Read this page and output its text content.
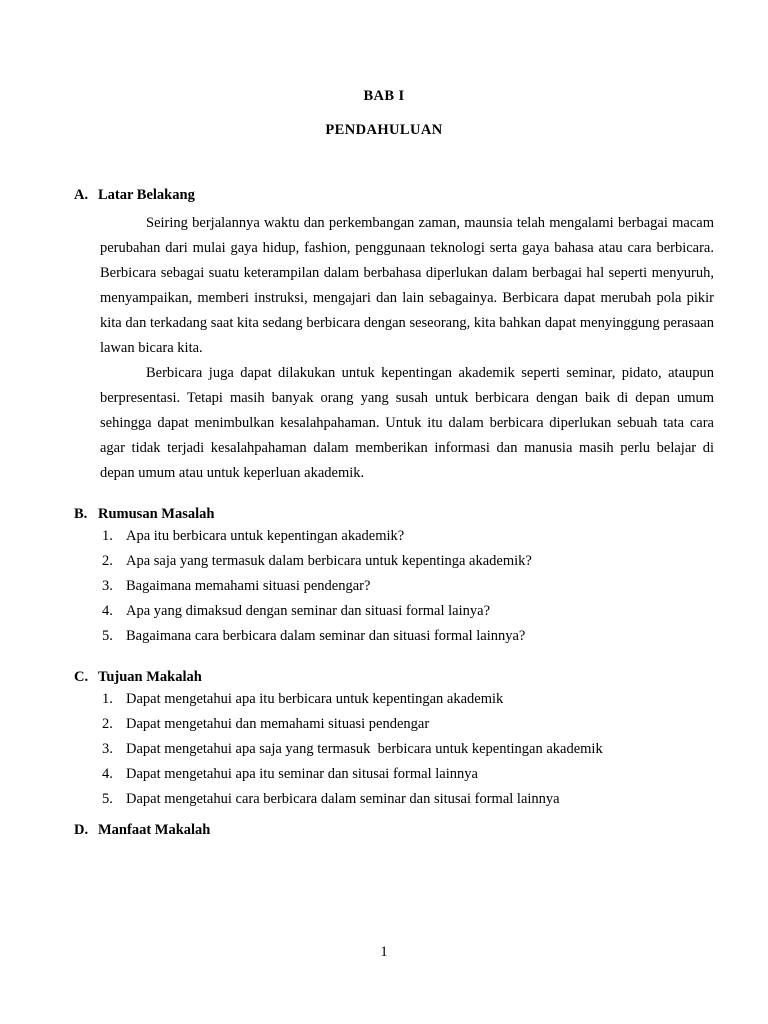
BAB I
PENDAHULUAN
A. Latar Belakang

Seiring berjalannya waktu dan perkembangan zaman, maunsia telah mengalami berbagai macam perubahan dari mulai gaya hidup, fashion, penggunaan teknologi serta gaya bahasa atau cara berbicara. Berbicara sebagai suatu keterampilan dalam berbahasa diperlukan dalam berbagai hal seperti menyuruh, menyampaikan, memberi instruksi, mengajari dan lain sebagainya. Berbicara dapat merubah pola pikir kita dan terkadang saat kita sedang berbicara dengan seseorang, kita bahkan dapat menyinggung perasaan lawan bicara kita.

Berbicara juga dapat dilakukan untuk kepentingan akademik seperti seminar, pidato, ataupun berpresentasi. Tetapi masih banyak orang yang susah untuk berbicara dengan baik di depan umum sehingga dapat menimbulkan kesalahpahaman. Untuk itu dalam berbicara diperlukan sebuah tata cara agar tidak terjadi kesalahpahaman dalam memberikan informasi dan manusia masih perlu belajar di depan umum atau untuk keperluan akademik.

B. Rumusan Masalah
1. Apa itu berbicara untuk kepentingan akademik?
2. Apa saja yang termasuk dalam berbicara untuk kepentinga akademik?
3. Bagaimana memahami situasi pendengar?
4. Apa yang dimaksud dengan seminar dan situasi formal lainya?
5. Bagaimana cara berbicara dalam seminar dan situasi formal lainnya?
C. Tujuan Makalah
1. Dapat mengetahui apa itu berbicara untuk kepentingan akademik
2. Dapat mengetahui dan memahami situasi pendengar
3. Dapat mengetahui apa saja yang termasuk  berbicara untuk kepentingan akademik
4. Dapat mengetahui apa itu seminar dan situsai formal lainnya
5. Dapat mengetahui cara berbicara dalam seminar dan situsai formal lainnya
D. Manfaat Makalah
1
